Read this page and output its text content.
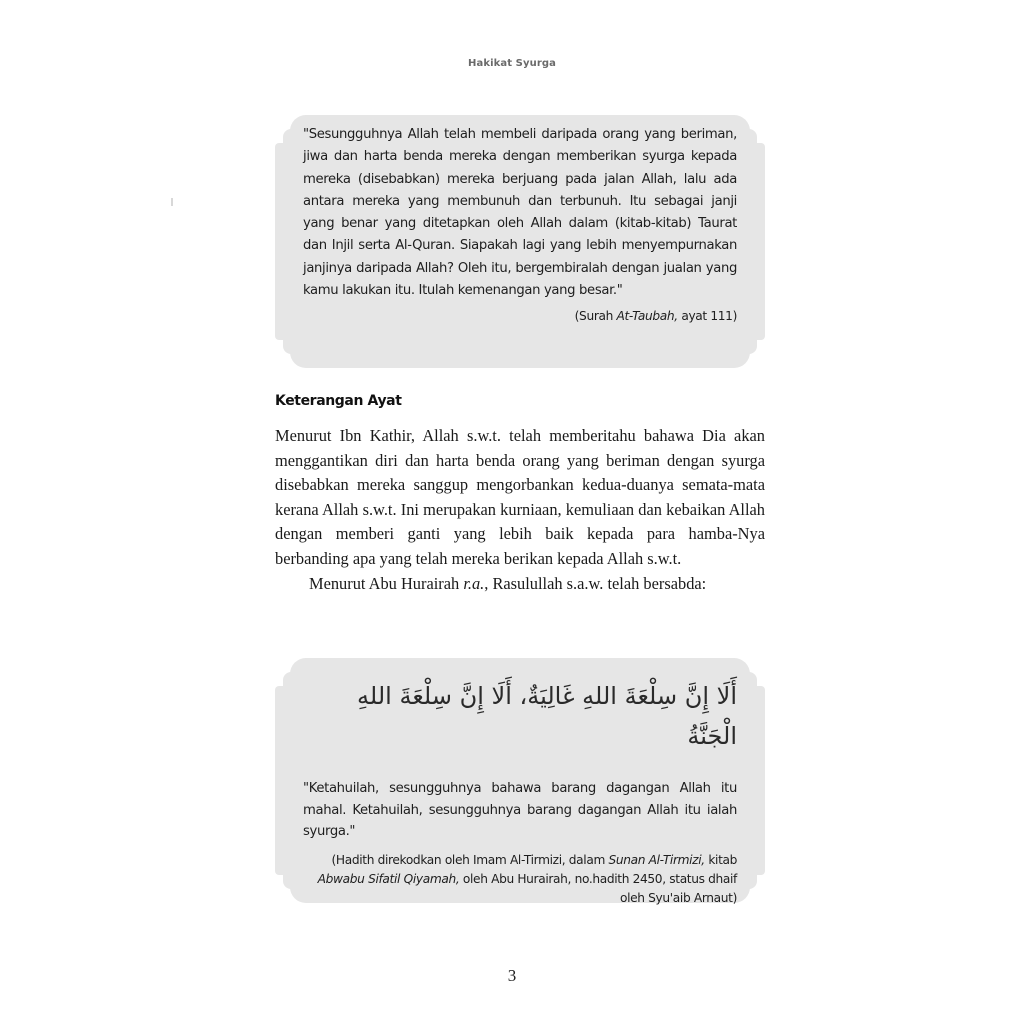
Hakikat Syurga
"Sesungguhnya Allah telah membeli daripada orang yang beriman, jiwa dan harta benda mereka dengan memberikan syurga kepada mereka (disebabkan) mereka berjuang pada jalan Allah, lalu ada antara mereka yang membunuh dan terbunuh. Itu sebagai janji yang benar yang ditetapkan oleh Allah dalam (kitab-kitab) Taurat dan Injil serta Al-Quran. Siapakah lagi yang lebih menyempurnakan janjinya daripada Allah? Oleh itu, bergembiralah dengan jualan yang kamu lakukan itu. Itulah kemenangan yang besar."
(Surah At-Taubah, ayat 111)
Keterangan Ayat

Menurut Ibn Kathir, Allah s.w.t. telah memberitahu bahawa Dia akan menggantikan diri dan harta benda orang yang beriman dengan syurga disebabkan mereka sanggup mengorbankan kedua-duanya semata-mata kerana Allah s.w.t. Ini merupakan kurniaan, kemuliaan dan kebaikan Allah dengan memberi ganti yang lebih baik kepada para hamba-Nya berbanding apa yang telah mereka berikan kepada Allah s.w.t.

Menurut Abu Hurairah r.a., Rasulullah s.a.w. telah bersabda:

أَلَا إِنَّ سِلْعَةَ اللهِ غَالِيَةٌ، أَلَا إِنَّ سِلْعَةَ اللهِ الْجَنَّةُ
"Ketahuilah, sesungguhnya bahawa barang dagangan Allah itu mahal. Ketahuilah, sesungguhnya barang dagangan Allah itu ialah syurga."
(Hadith direkodkan oleh Imam Al-Tirmizi, dalam Sunan Al-Tirmizi, kitab Abwabu Sifatil Qiyamah, oleh Abu Hurairah, no.hadith 2450, status dhaif oleh Syu'aib Arnaut)
3
